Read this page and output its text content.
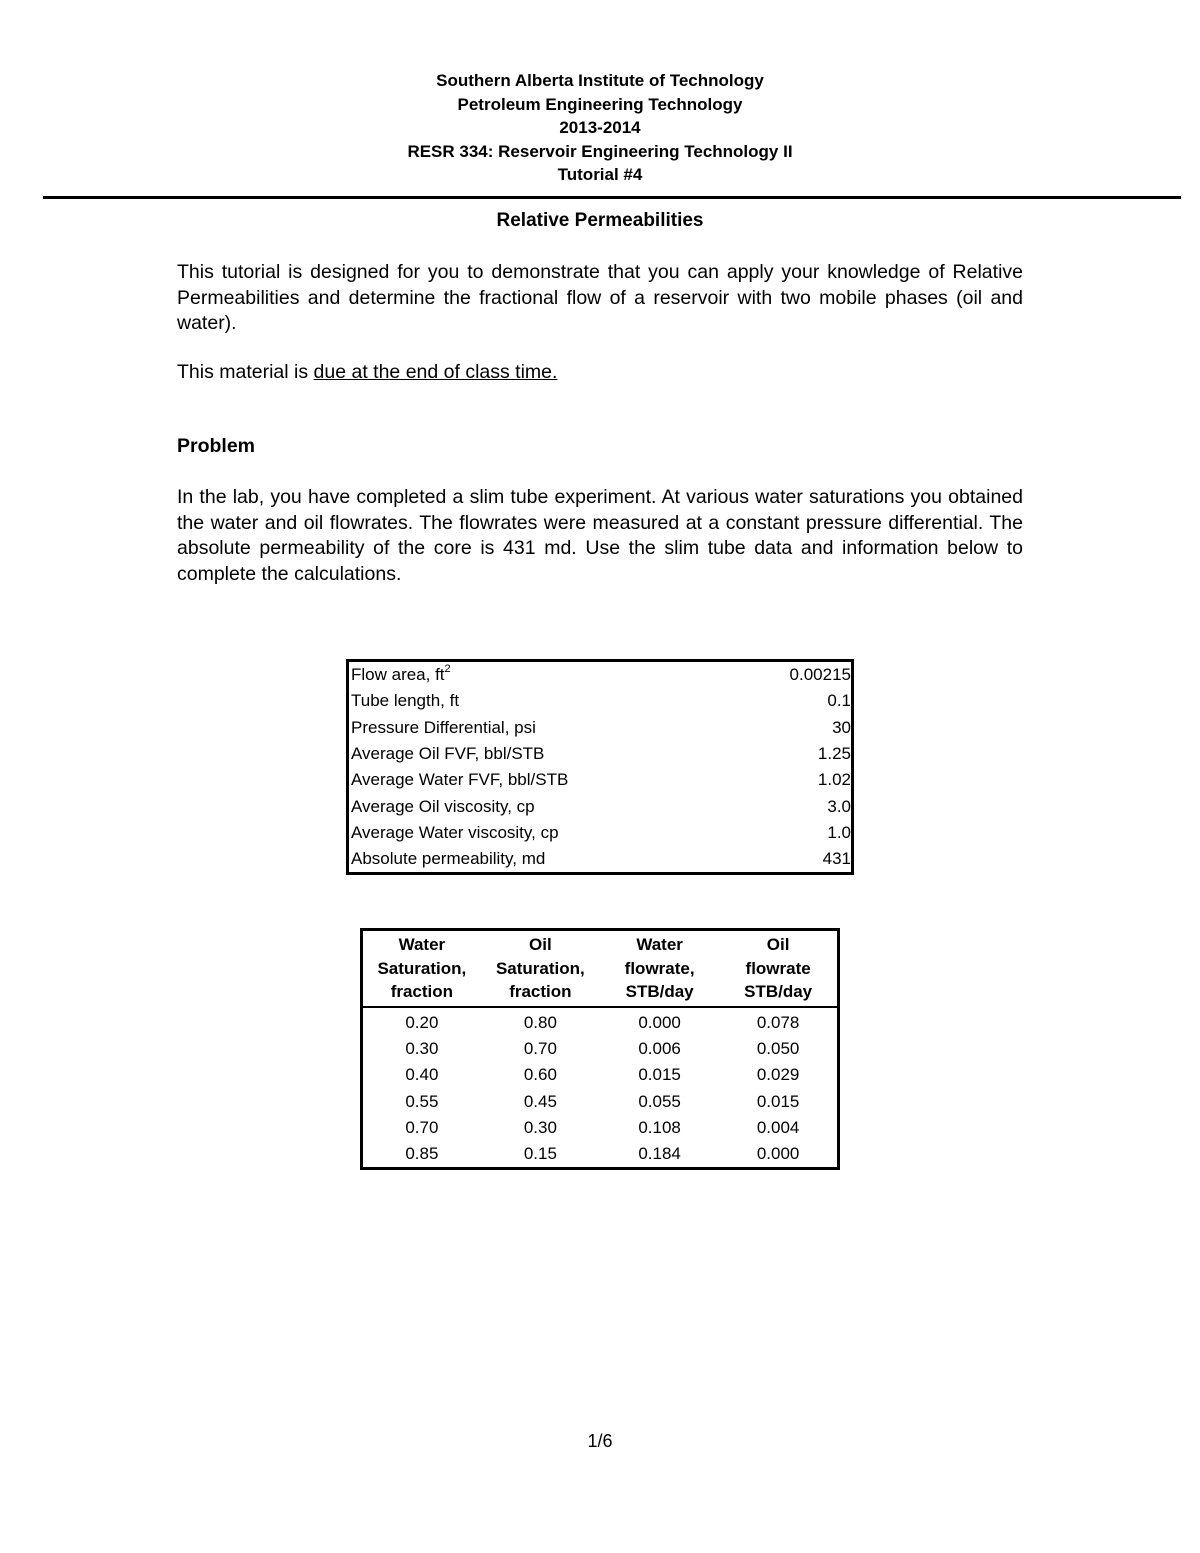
Southern Alberta Institute of Technology
Petroleum Engineering Technology
2013-2014
RESR 334: Reservoir Engineering Technology II
Tutorial #4
Relative Permeabilities
This tutorial is designed for you to demonstrate that you can apply your knowledge of Relative Permeabilities and determine the fractional flow of a reservoir with two mobile phases (oil and water).
This material is due at the end of class time.
Problem
In the lab, you have completed a slim tube experiment. At various water saturations you obtained the water and oil flowrates. The flowrates were measured at a constant pressure differential. The absolute permeability of the core is 431 md. Use the slim tube data and information below to complete the calculations.
Flow area, $ft^2$	0.00215
Tube length, ft	0.1
Pressure Differential, psi	30
Average Oil FVF, bbl/STB	1.25
Average Water FVF, bbl/STB	1.02
Average Oil viscosity, cp	3.0
Average Water viscosity, cp	1.0
Absolute permeability, md	431
Water
Saturation,
fraction	Oil
Saturation,
fraction	Water
flowrate,
STB/day	Oil
flowrate
STB/day

0.20	0.80	0.000	0.078
0.30	0.70	0.006	0.050
0.40	0.60	0.015	0.029
0.55	0.45	0.055	0.015
0.70	0.30	0.108	0.004
0.85	0.15	0.184	0.000
1/6
